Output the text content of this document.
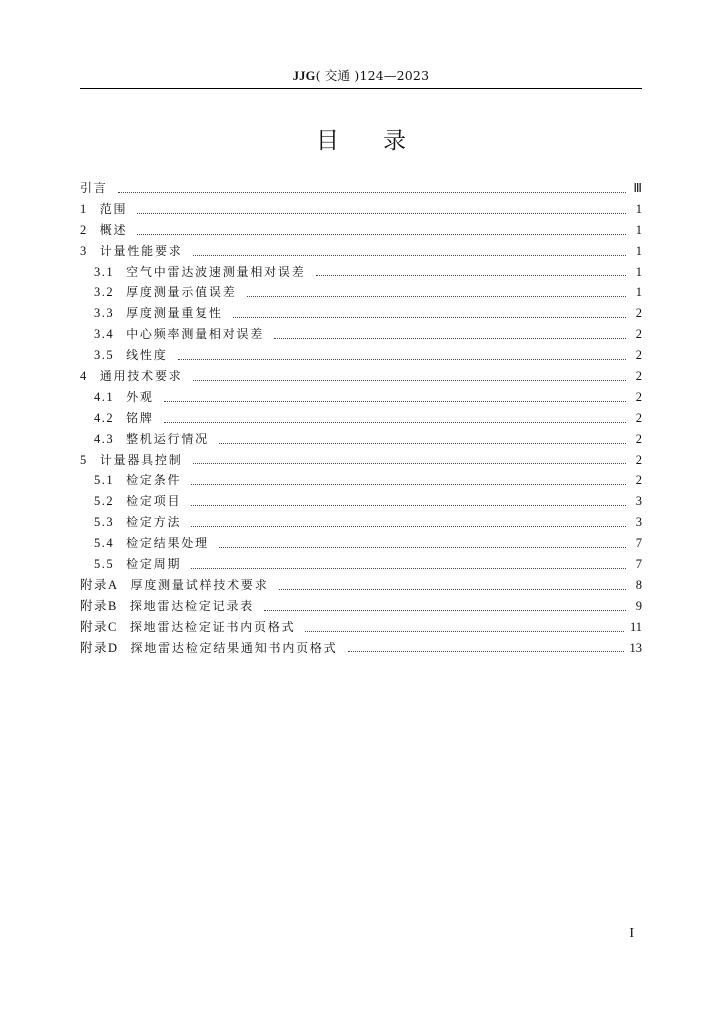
JJG( 交通 )124—2023
目录
引言	Ⅲ
1	范围	1
2	概述	1
3	计量性能要求	1
3.1	空气中雷达波速测量相对误差	1
3.2	厚度测量示值误差	1
3.3	厚度测量重复性	2
3.4	中心频率测量相对误差	2
3.5	线性度	2
4	通用技术要求	2
4.1	外观	2
4.2	铭牌	2
4.3	整机运行情况	2
5	计量器具控制	2
5.1	检定条件	2
5.2	检定项目	3
5.3	检定方法	3
5.4	检定结果处理	7
5.5	检定周期	7
附录A	厚度测量试样技术要求	8
附录B	探地雷达检定记录表	9
附录C	探地雷达检定证书内页格式	11
附录D	探地雷达检定结果通知书内页格式	13
I
